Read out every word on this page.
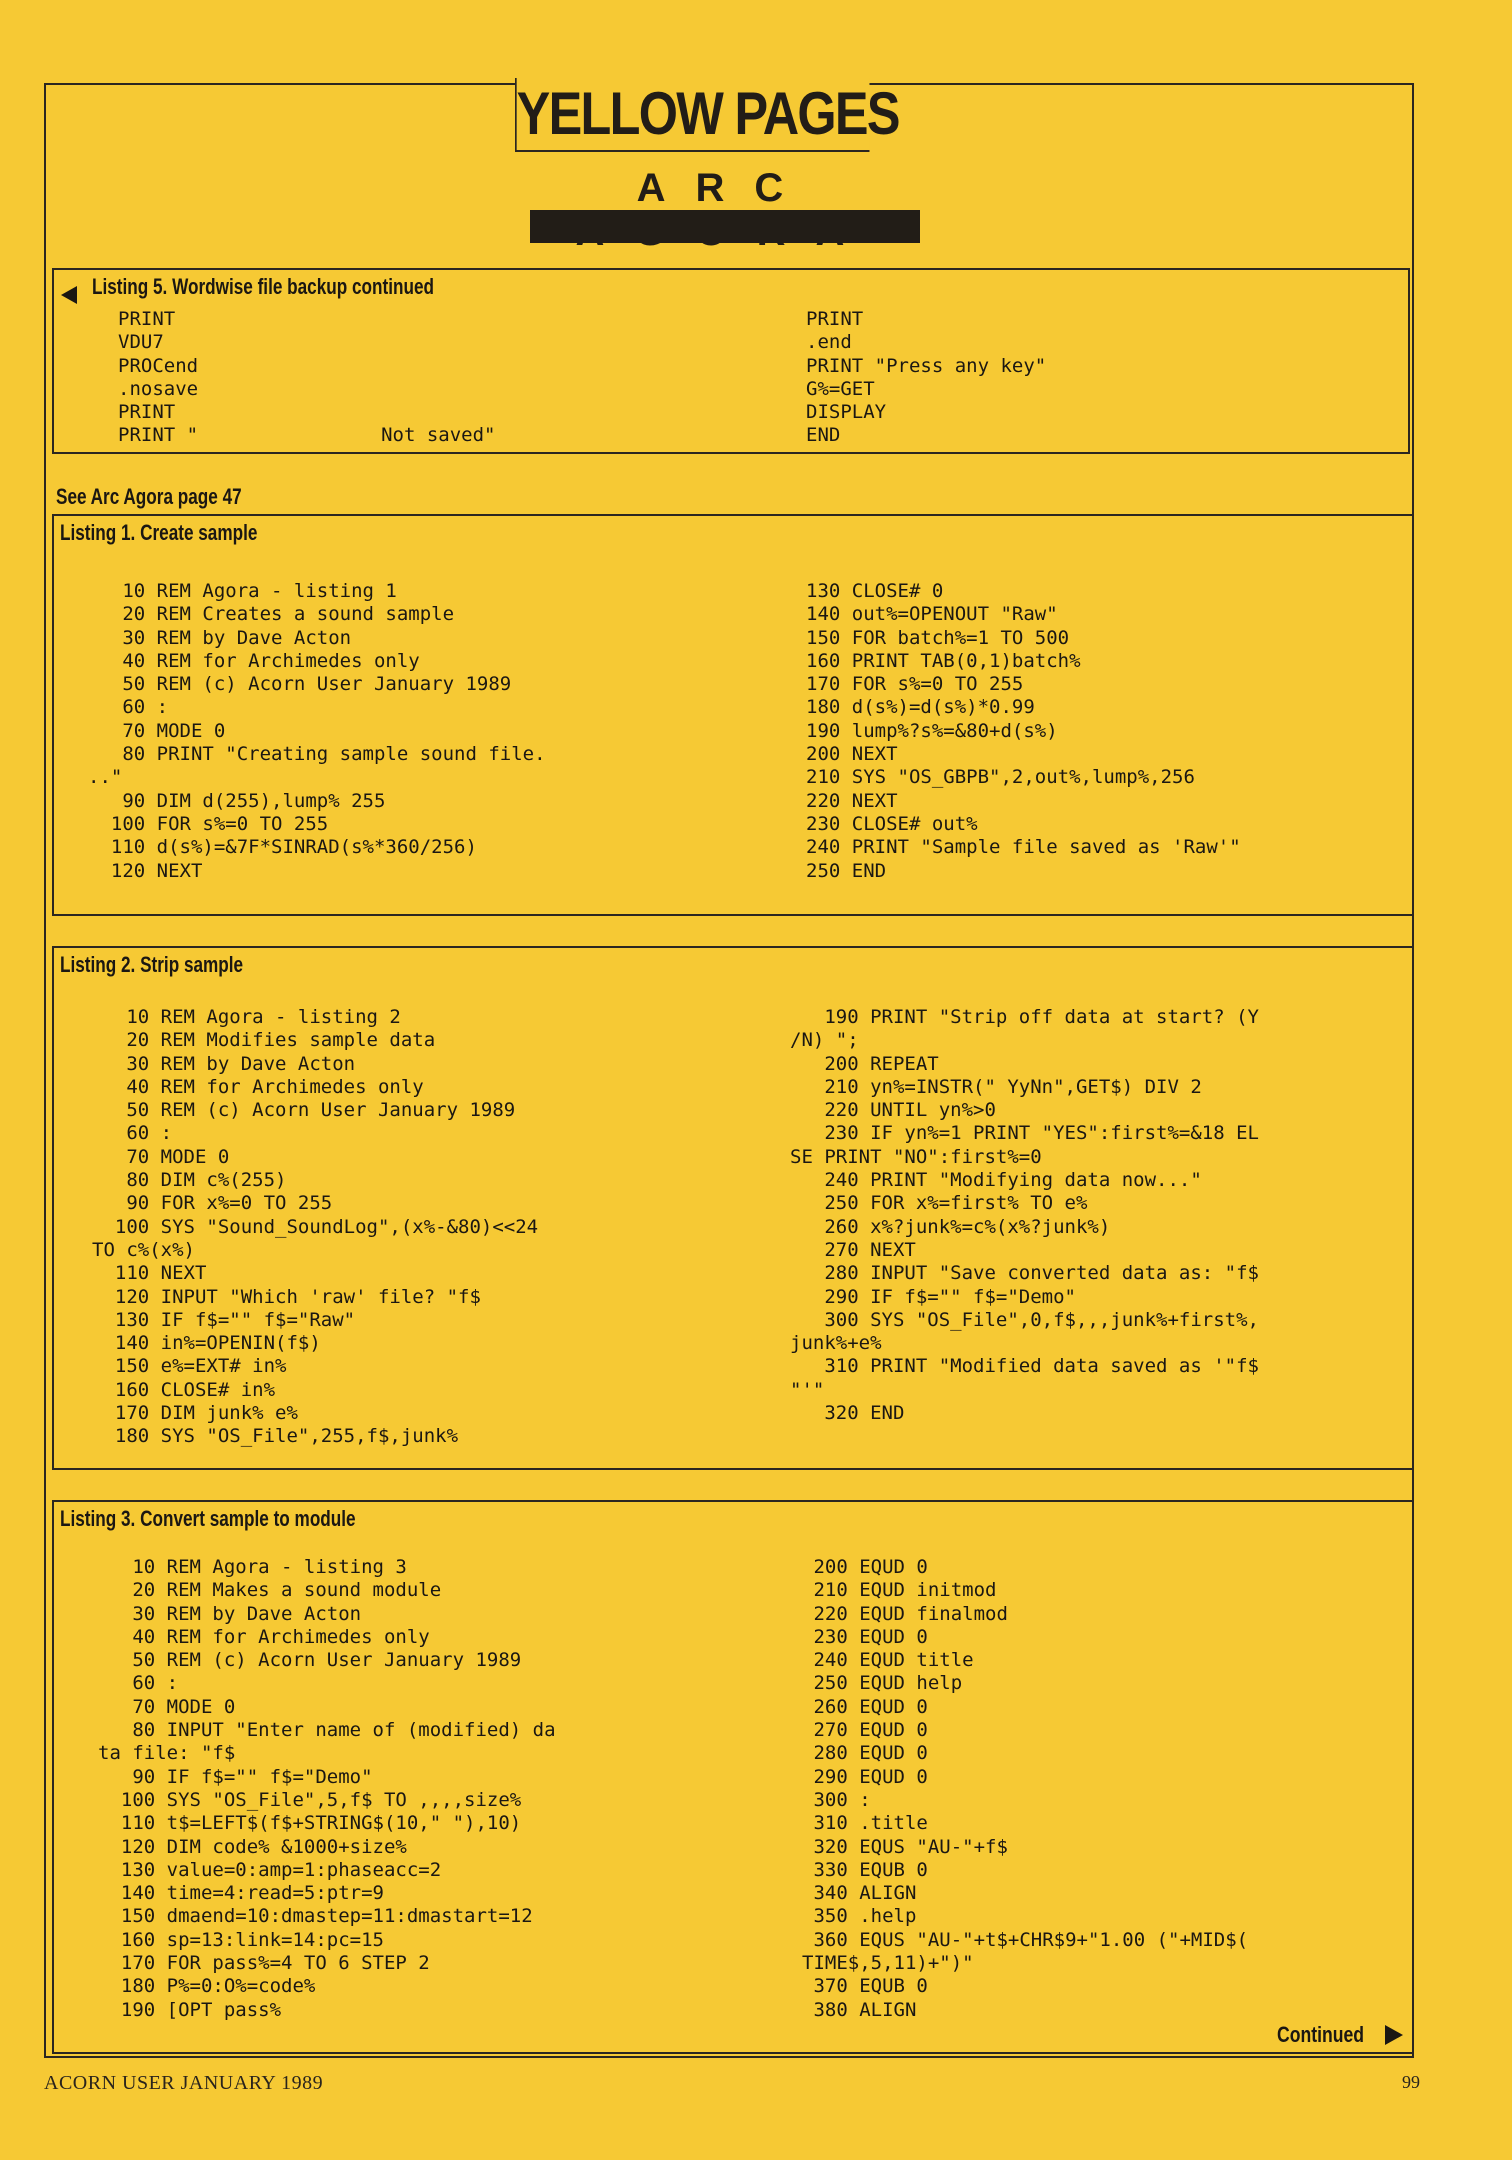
YELLOW PAGES
ARC
Listing 5. Wordwise file backup continued
PRINT
VDU7
PROCend
.nosave
PRINT
PRINT "                Not saved"
PRINT
.end
PRINT "Press any key"
G%=GET
DISPLAY
END
See Arc Agora page 47
Listing 1. Create sample
10 REM Agora - listing 1
20 REM Creates a sound sample
30 REM by Dave Acton
40 REM for Archimedes only
50 REM (c) Acorn User January 1989
60 :
70 MODE 0
80 PRINT "Creating sample sound file.
.."
90 DIM d(255),lump% 255
100 FOR s%=0 TO 255
110 d(s%)=&7F*SINRAD(s%*360/256)
120 NEXT
130 CLOSE# 0
140 out%=OPENOUT "Raw"
150 FOR batch%=1 TO 500
160 PRINT TAB(0,1)batch%
170 FOR s%=0 TO 255
180 d(s%)=d(s%)*0.99
190 lump%?s%=&80+d(s%)
200 NEXT
210 SYS "OS_GBPB",2,out%,lump%,256
220 NEXT
230 CLOSE# out%
240 PRINT "Sample file saved as 'Raw'"
250 END
Listing 2. Strip sample
10 REM Agora - listing 2
20 REM Modifies sample data
30 REM by Dave Acton
40 REM for Archimedes only
50 REM (c) Acorn User January 1989
60 :
70 MODE 0
80 DIM c%(255)
90 FOR x%=0 TO 255
100 SYS "Sound_SoundLog",(x%-&80)<<24
TO c%(x%)
110 NEXT
120 INPUT "Which 'raw' file? "f$
130 IF f$="" f$="Raw"
140 in%=OPENIN(f$)
150 e%=EXT# in%
160 CLOSE# in%
170 DIM junk% e%
180 SYS "OS_File",255,f$,junk%
190 PRINT "Strip off data at start? (Y
/N) ";
200 REPEAT
210 yn%=INSTR(" YyNn",GET$) DIV 2
220 UNTIL yn%>0
230 IF yn%=1 PRINT "YES":first%=&18 EL
SE PRINT "NO":first%=0
240 PRINT "Modifying data now..."
250 FOR x%=first% TO e%
260 x%?junk%=c%(x%?junk%)
270 NEXT
280 INPUT "Save converted data as: "f$
290 IF f$="" f$="Demo"
300 SYS "OS_File",0,f$,,,junk%+first%,
junk%+e%
310 PRINT "Modified data saved as '"f$
"'"
320 END
Listing 3. Convert sample to module
10 REM Agora - listing 3
20 REM Makes a sound module
30 REM by Dave Acton
40 REM for Archimedes only
50 REM (c) Acorn User January 1989
60 :
70 MODE 0
80 INPUT "Enter name of (modified) da
ta file: "f$
90 IF f$="" f$="Demo"
100 SYS "OS_File",5,f$ TO ,,,,size%
110 t$=LEFT$(f$+STRING$(10," "),10)
120 DIM code% &1000+size%
130 value=0:amp=1:phaseacc=2
140 time=4:read=5:ptr=9
150 dmaend=10:dmastep=11:dmastart=12
160 sp=13:link=14:pc=15
170 FOR pass%=4 TO 6 STEP 2
180 P%=0:O%=code%
190 [OPT pass%
200 EQUD 0
210 EQUD initmod
220 EQUD finalmod
230 EQUD 0
240 EQUD title
250 EQUD help
260 EQUD 0
270 EQUD 0
280 EQUD 0
290 EQUD 0
300 :
310 .title
320 EQUS "AU-"+f$
330 EQUB 0
340 ALIGN
350 .help
360 EQUS "AU-"+t$+CHR$9+"1.00 ("+MID$(
TIME$,5,11)+")"
370 EQUB 0
380 ALIGN
Continued
ACORN USER JANUARY 1989	99
